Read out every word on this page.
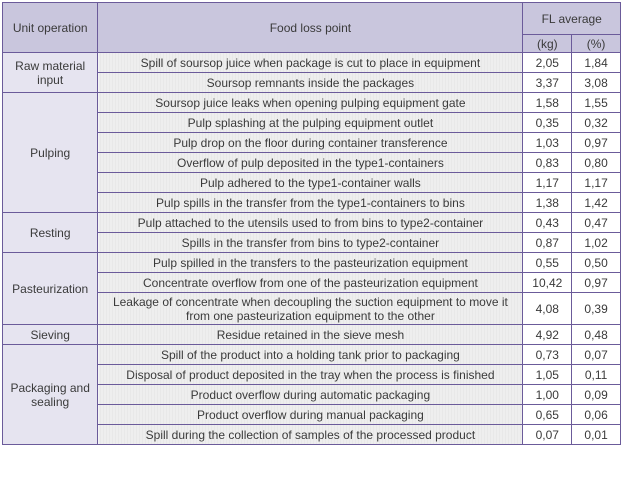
Unit operation	Food loss point	FL average	
		(kg)	(%)
Raw material input	Spill of soursop juice when package is cut to place in equipment	2,05	1,84
	Soursop remnants inside the packages	3,37	3,08
Pulping	Soursop juice leaks when opening pulping equipment gate	1,58	1,55
	Pulp splashing at the pulping equipment outlet	0,35	0,32
	Pulp drop on the floor during container transference	1,03	0,97
	Overflow of pulp deposited in the type1-containers	0,83	0,80
	Pulp adhered to the type1-container walls	1,17	1,17
	Pulp spills in the transfer from the type1-containers to bins	1,38	1,42
Resting	Pulp attached to the utensils used to from bins to type2-container	0,43	0,47
	Spills in the transfer from bins to type2-container	0,87	1,02
Pasteurization	Pulp spilled in the transfers to the pasteurization equipment	0,55	0,50
	Concentrate overflow from one of the pasteurization equipment	10,42	0,97
	Leakage of concentrate when decoupling the suction equipment to move it from one pasteurization equipment to the other	4,08	0,39
Sieving	Residue retained in the sieve mesh	4,92	0,48
Packaging and sealing	Spill of the product into a holding tank prior to packaging	0,73	0,07
	Disposal of product deposited in the tray when the process is finished	1,05	0,11
	Product overflow during automatic packaging	1,00	0,09
	Product overflow during manual packaging	0,65	0,06
	Spill during the collection of samples of the processed product	0,07	0,01
